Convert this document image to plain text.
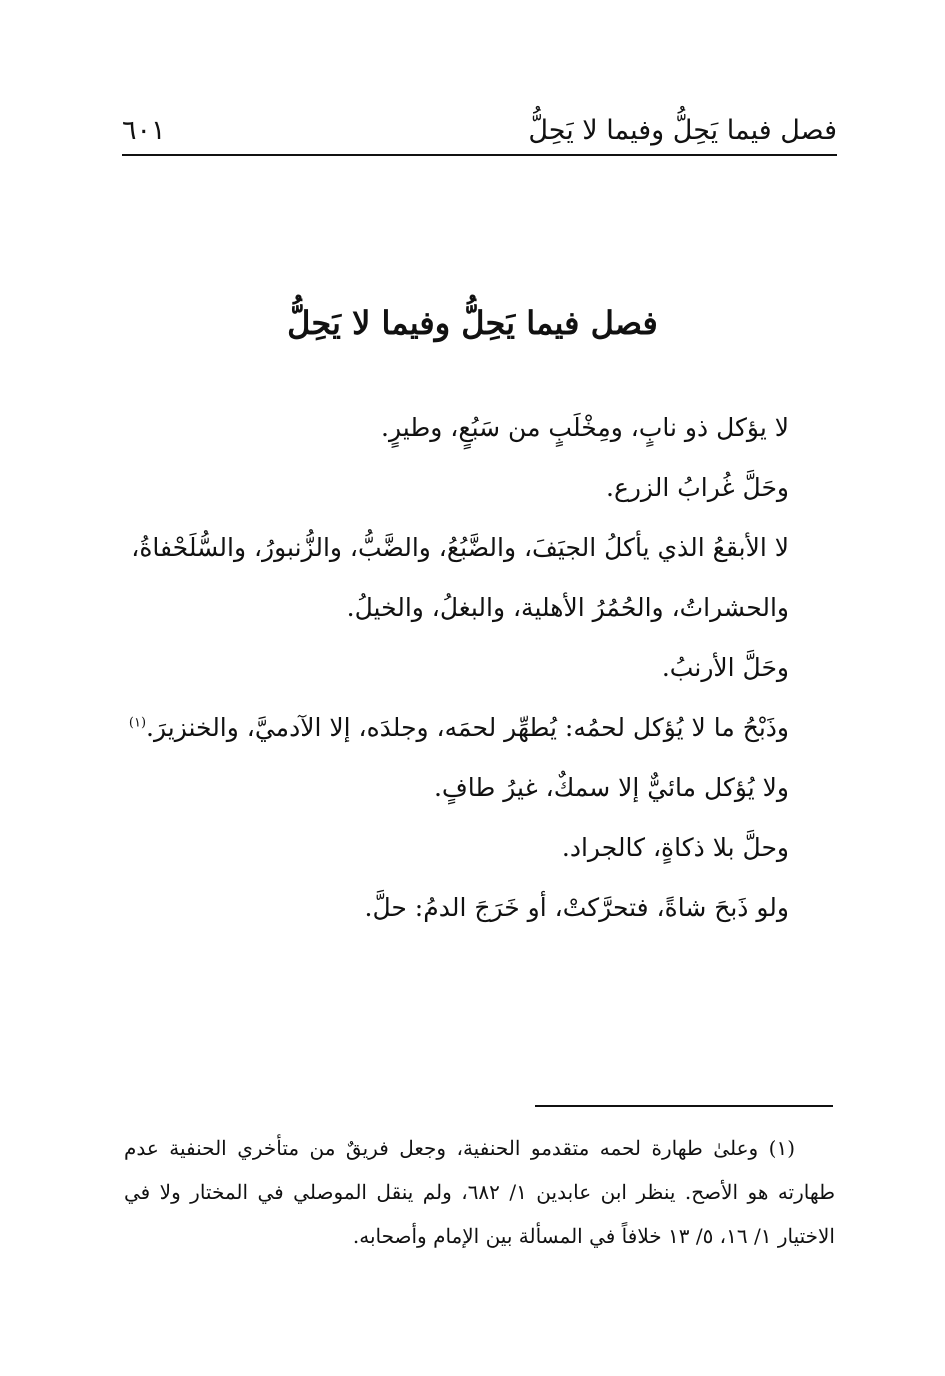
فصل فيما يَحِلُّ وفيما لا يَحِلُّ
٦٠١
فصل فيما يَحِلُّ وفيما لا يَحِلُّ

لا يؤكل ذو نابٍ، ومِخْلَبٍ من سَبُعٍ، وطيرٍ.

وحَلَّ غُرابُ الزرع.

لا الأبقعُ الذي يأكلُ الجيَفَ، والضَّبُعُ، والضَّبُّ، والزُّنبورُ، والسُّلَحْفاةُ، والحشراتُ، والحُمُرُ الأهلية، والبغلُ، والخيلُ.

وحَلَّ الأرنبُ.

وذَبْحُ ما لا يُؤكل لحمُه: يُطهِّر لحمَه، وجلدَه، إلا الآدميَّ، والخنزيرَ.$^{(١)}$

ولا يُؤكل مائيٌّ إلا سمكٌ، غيرُ طافٍ.

وحلَّ بلا ذكاةٍ، كالجراد.

ولو ذَبحَ شاةً، فتحرَّكتْ، أو خَرَجَ الدمُ: حلَّ.

(١) وعلىٰ طهارة لحمه متقدمو الحنفية، وجعل فريقٌ من متأخري الحنفية عدم طهارته هو الأصح. ينظر ابن عابدين ١/ ٦٨٢، ولم ينقل الموصلي في المختار ولا في الاختيار ١/ ١٦، ٥/ ١٣ خلافاً في المسألة بين الإمام وأصحابه.
